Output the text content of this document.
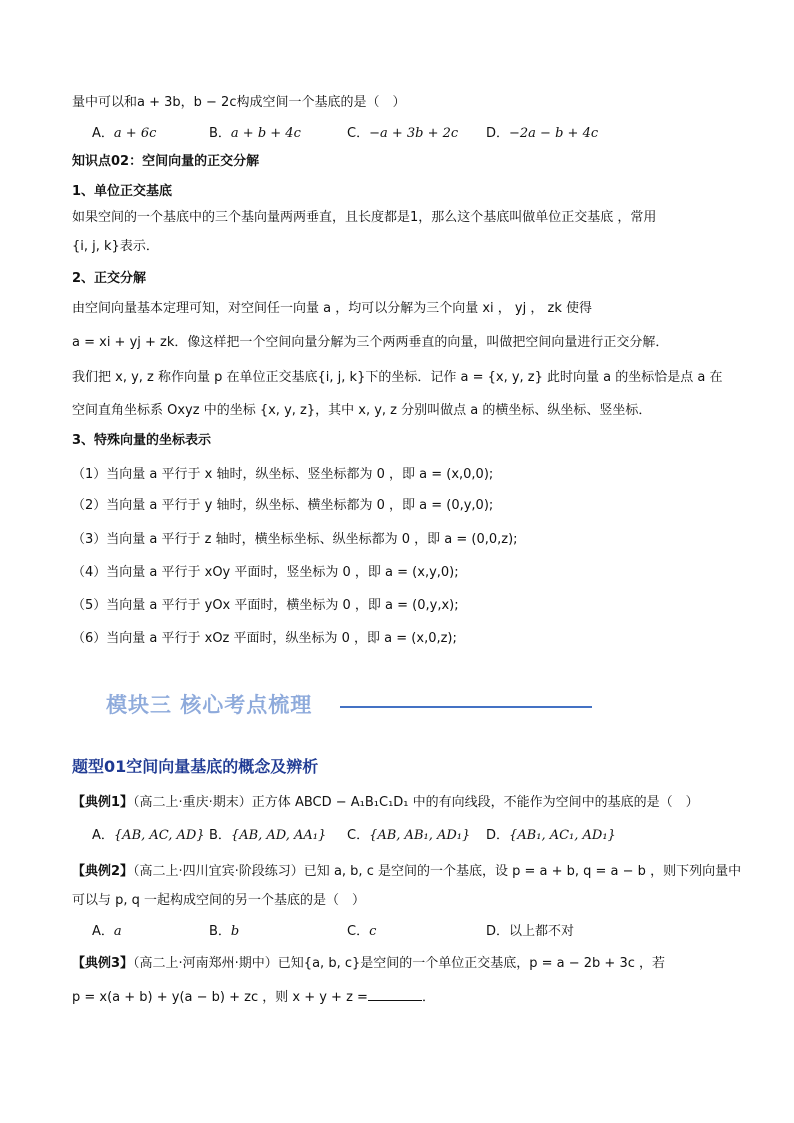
量中可以和a + 3b，b − 2c构成空间一个基底的是（　）
A．a + 6c	B．a + b + 4c	C．−a + 3b + 2c D．−2a − b + 4c
知识点02：空间向量的正交分解
1、单位正交基底
如果空间的一个基底中的三个基向量两两垂直，且长度都是1，那么这个基底叫做单位正交基底 ，常用
{i, j, k}表示．
2、正交分解
由空间向量基本定理可知，对空间任一向量 a ，均可以分解为三个向量 xi ， yj ， zk 使得
a = xi + yj + zk．像这样把一个空间向量分解为三个两两垂直的向量，叫做把空间向量进行正交分解．
我们把 x, y, z 称作向量 p 在单位正交基底{i, j, k}下的坐标．记作 a = {x, y, z} 此时向量 a 的坐标恰是点 a 在
空间直角坐标系 Oxyz 中的坐标 {x, y, z}，其中 x, y, z 分别叫做点 a 的横坐标、纵坐标、竖坐标．
3、特殊向量的坐标表示
（1）当向量 a 平行于 x 轴时，纵坐标、竖坐标都为 0 ，即 a = (x,0,0);
（2）当向量 a 平行于 y 轴时，纵坐标、横坐标都为 0 ，即 a = (0,y,0);
（3）当向量 a 平行于 z 轴时，横坐标坐标、纵坐标都为 0 ，即 a = (0,0,z);
（4）当向量 a 平行于 xOy 平面时，竖坐标为 0 ，即 a = (x,y,0);
（5）当向量 a 平行于 yOx 平面时，横坐标为 0 ，即 a = (0,y,x);
（6）当向量 a 平行于 xOz 平面时，纵坐标为 0 ，即 a = (x,0,z);
模块三 核心考点梳理
题型01空间向量基底的概念及辨析
【典例1】（高二上·重庆·期末）正方体 ABCD − A₁B₁C₁D₁ 中的有向线段，不能作为空间中的基底的是（　）
A．{AB, AC, AD} B．{AB, AD, AA₁} C．{AB, AB₁, AD₁} D．{AB₁, AC₁, AD₁}
【典例2】（高二上·四川宜宾·阶段练习）已知 a, b, c 是空间的一个基底，设 p = a + b, q = a − b ，则下列向量中
可以与 p, q 一起构成空间的另一个基底的是（　）
A．a	B．b	C．c	D．以上都不对
【典例3】（高二上·河南郑州·期中）已知{a, b, c}是空间的一个单位正交基底，p = a − 2b + 3c ，若
p = x(a + b) + y(a − b) + zc ，则 x + y + z =	．
